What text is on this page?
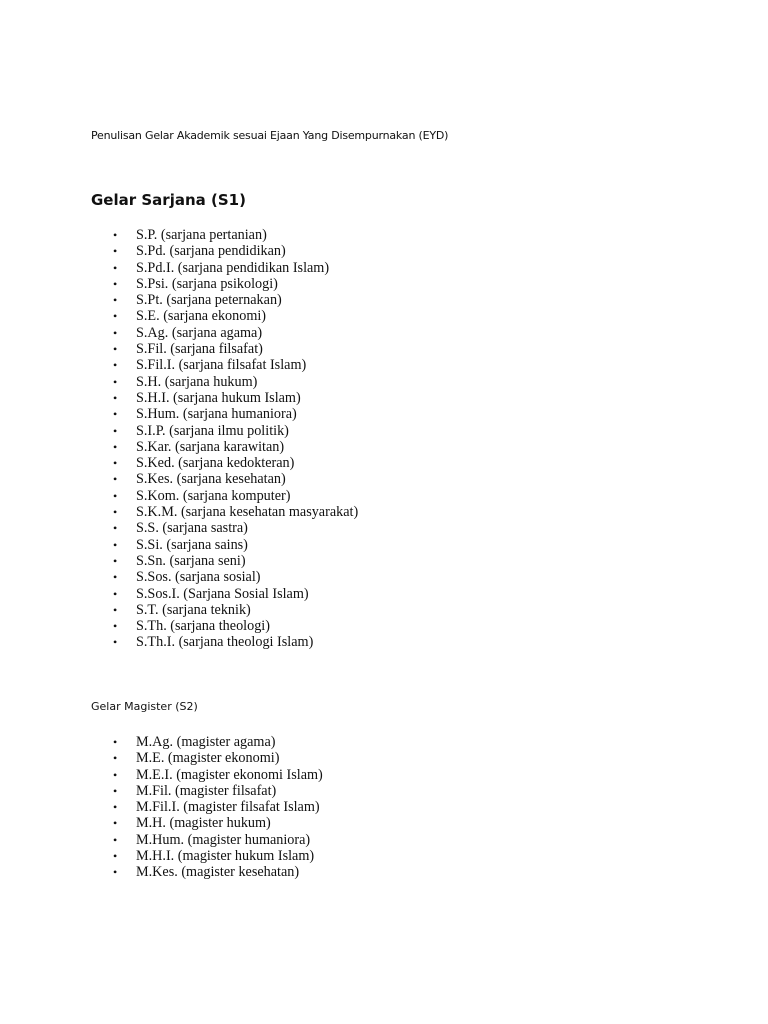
Penulisan Gelar Akademik sesuai Ejaan Yang Disempurnakan (EYD)
Gelar Sarjana (S1)
•	S.P. (sarjana pertanian)
•	S.Pd. (sarjana pendidikan)
•	S.Pd.I. (sarjana pendidikan Islam)
•	S.Psi. (sarjana psikologi)
•	S.Pt. (sarjana peternakan)
•	S.E. (sarjana ekonomi)
•	S.Ag. (sarjana agama)
•	S.Fil. (sarjana filsafat)
•	S.Fil.I. (sarjana filsafat Islam)
•	S.H. (sarjana hukum)
•	S.H.I. (sarjana hukum Islam)
•	S.Hum. (sarjana humaniora)
•	S.I.P. (sarjana ilmu politik)
•	S.Kar. (sarjana karawitan)
•	S.Ked. (sarjana kedokteran)
•	S.Kes. (sarjana kesehatan)
•	S.Kom. (sarjana komputer)
•	S.K.M. (sarjana kesehatan masyarakat)
•	S.S. (sarjana sastra)
•	S.Si. (sarjana sains)
•	S.Sn. (sarjana seni)
•	S.Sos. (sarjana sosial)
•	S.Sos.I. (Sarjana Sosial Islam)
•	S.T. (sarjana teknik)
•	S.Th. (sarjana theologi)
•	S.Th.I. (sarjana theologi Islam)
Gelar Magister (S2)
•	M.Ag. (magister agama)
•	M.E. (magister ekonomi)
•	M.E.I. (magister ekonomi Islam)
•	M.Fil. (magister filsafat)
•	M.Fil.I. (magister filsafat Islam)
•	M.H. (magister hukum)
•	M.Hum. (magister humaniora)
•	M.H.I. (magister hukum Islam)
•	M.Kes. (magister kesehatan)
